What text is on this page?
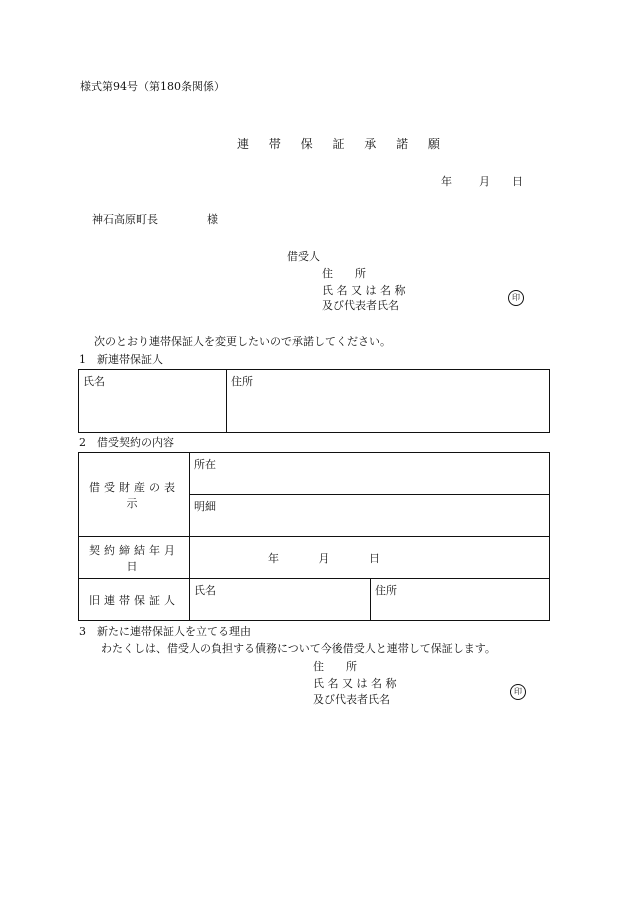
様式第94号（第180条関係）
連 帯 保 証 承 諾 願
年 月 日
神石高原町長	様
借受人
住　　所
氏 名 又 は 名 称
及び代表者氏名
印
次のとおり連帯保証人を変更したいので承諾してください。
1　新連帯保証人
氏名	住所
2　借受契約の内容
借受財産の表示	所在	
	明細	
契約締結年月日	年 月 日	
旧連帯保証人	氏名	住所
3　新たに連帯保証人を立てる理由
わたくしは、借受人の負担する債務について今後借受人と連帯して保証します。
住　　所
氏 名 又 は 名 称
及び代表者氏名
印
